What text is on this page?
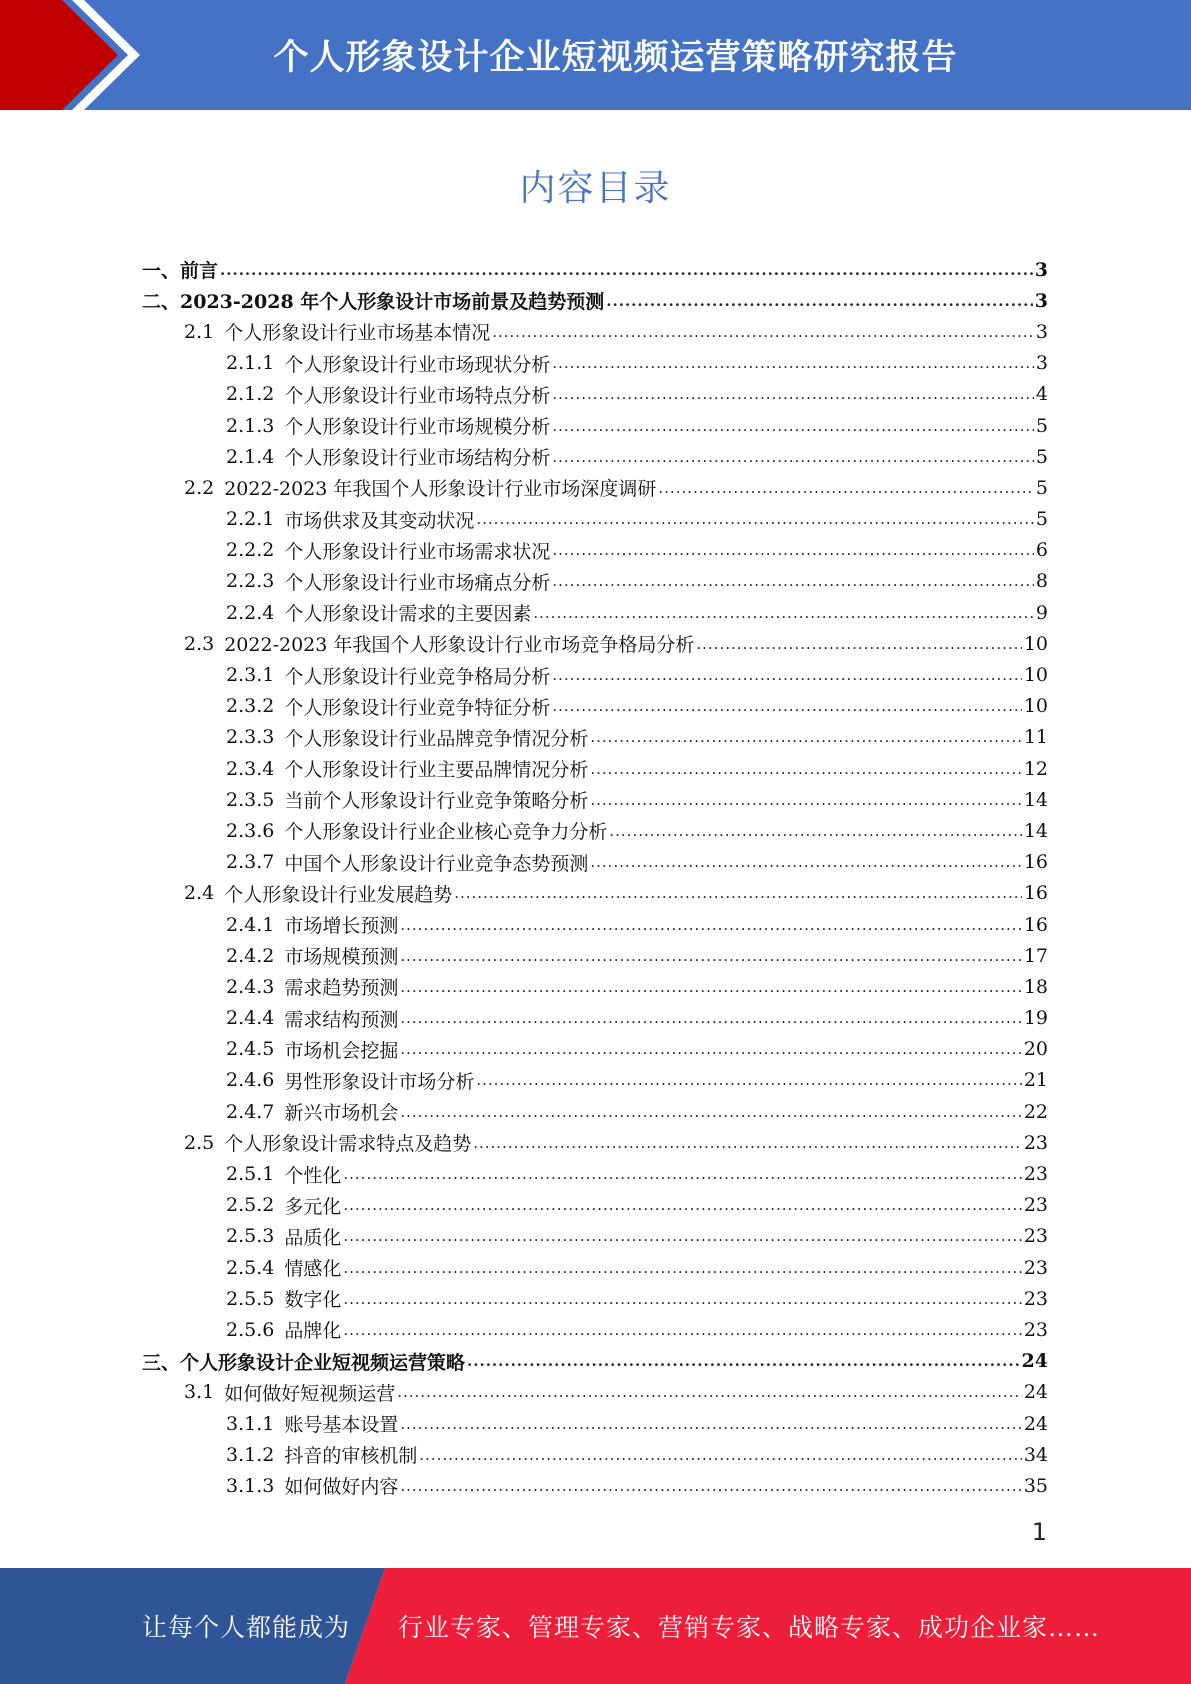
个人形象设计企业短视频运营策略研究报告
内容目录
一、 前言 .....	3
二、 2023-2028 年个人形象设计市场前景及趋势预测 .....	3
2.1 个人形象设计行业市场基本情况 .....	3
2.1.1 个人形象设计行业市场现状分析 .....	3
2.1.2 个人形象设计行业市场特点分析 .....	4
2.1.3 个人形象设计行业市场规模分析 .....	5
2.1.4 个人形象设计行业市场结构分析 .....	5
2.2 2022-2023 年我国个人形象设计行业市场深度调研 .....	5
2.2.1 市场供求及其变动状况 .....	5
2.2.2 个人形象设计行业市场需求状况 .....	6
2.2.3 个人形象设计行业市场痛点分析 .....	8
2.2.4 个人形象设计需求的主要因素 .....	9
2.3 2022-2023 年我国个人形象设计行业市场竞争格局分析 .....	10
2.3.1 个人形象设计行业竞争格局分析 .....	10
2.3.2 个人形象设计行业竞争特征分析 .....	10
2.3.3 个人形象设计行业品牌竞争情况分析 .....	11
2.3.4 个人形象设计行业主要品牌情况分析 .....	12
2.3.5 当前个人形象设计行业竞争策略分析 .....	14
2.3.6 个人形象设计行业企业核心竞争力分析 .....	14
2.3.7 中国个人形象设计行业竞争态势预测 .....	16
2.4 个人形象设计行业发展趋势 .....	16
2.4.1 市场增长预测 .....	16
2.4.2 市场规模预测 .....	17
2.4.3 需求趋势预测 .....	18
2.4.4 需求结构预测 .....	19
2.4.5 市场机会挖掘 .....	20
2.4.6 男性形象设计市场分析 .....	21
2.4.7 新兴市场机会 .....	22
2.5 个人形象设计需求特点及趋势 .....	23
2.5.1 个性化 .....	23
2.5.2 多元化 .....	23
2.5.3 品质化 .....	23
2.5.4 情感化 .....	23
2.5.5 数字化 .....	23
2.5.6 品牌化 .....	23
三、 个人形象设计企业短视频运营策略 .....	24
3.1 如何做好短视频运营 .....	24
3.1.1 账号基本设置 .....	24
3.1.2 抖音的审核机制 .....	34
3.1.3 如何做好内容 .....	35
1
让每个人都能成为 行业专家、管理专家、营销专家、战略专家、成功企业家……
